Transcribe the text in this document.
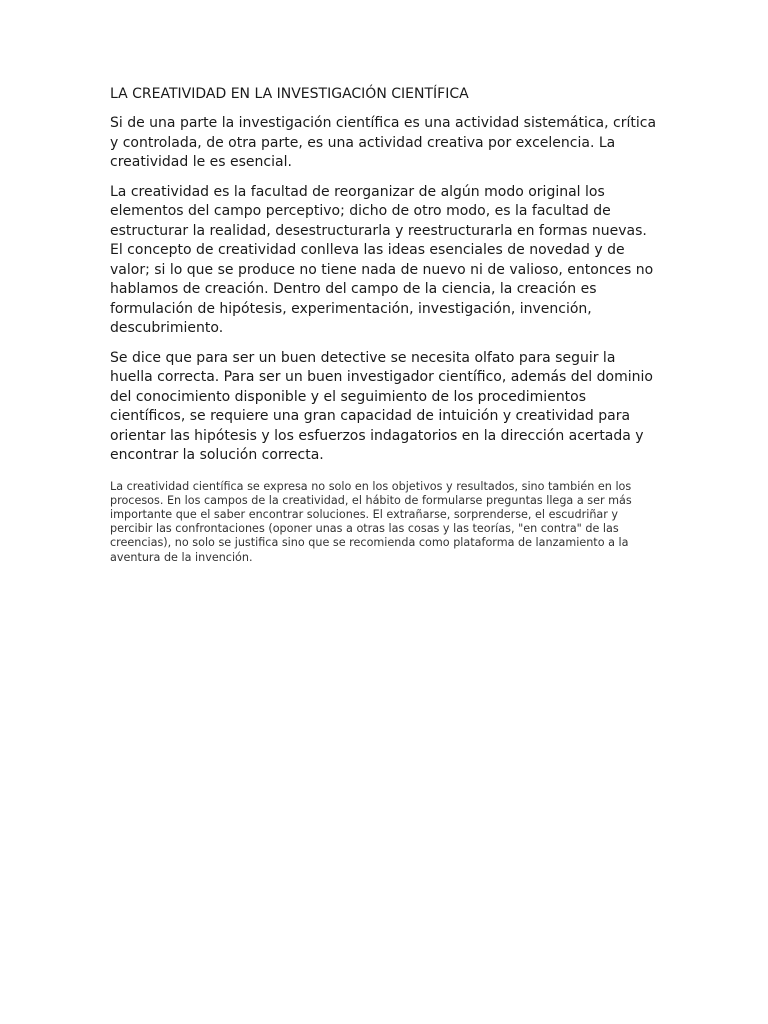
LA CREATIVIDAD EN LA INVESTIGACIÓN CIENTÍFICA

Si de una parte la investigación científica es una actividad sistemática, crítica y controlada, de otra parte, es una actividad creativa por excelencia. La creatividad le es esencial.

La creatividad es la facultad de reorganizar de algún modo original los elementos del campo perceptivo; dicho de otro modo, es la facultad de estructurar la realidad, desestructurarla y reestructurarla en formas nuevas. El concepto de creatividad conlleva las ideas esenciales de novedad y de valor; si lo que se produce no tiene nada de nuevo ni de valioso, entonces no hablamos de creación. Dentro del campo de la ciencia, la creación es formulación de hipótesis, experimentación, investigación, invención, descubrimiento.

Se dice que para ser un buen detective se necesita olfato para seguir la huella correcta. Para ser un buen investigador científico, además del dominio del conocimiento disponible y el seguimiento de los procedimientos científicos, se requiere una gran capacidad de intuición y creatividad para orientar las hipótesis y los esfuerzos indagatorios en la dirección acertada y encontrar la solución correcta.

La creatividad científica se expresa no solo en los objetivos y resultados, sino también en los procesos. En los campos de la creatividad, el hábito de formularse preguntas llega a ser más importante que el saber encontrar soluciones. El extrañarse, sorprenderse, el escudriñar y percibir las confrontaciones (oponer unas a otras las cosas y las teorías, "en contra" de las creencias), no solo se justifica sino que se recomienda como plataforma de lanzamiento a la aventura de la invención.
